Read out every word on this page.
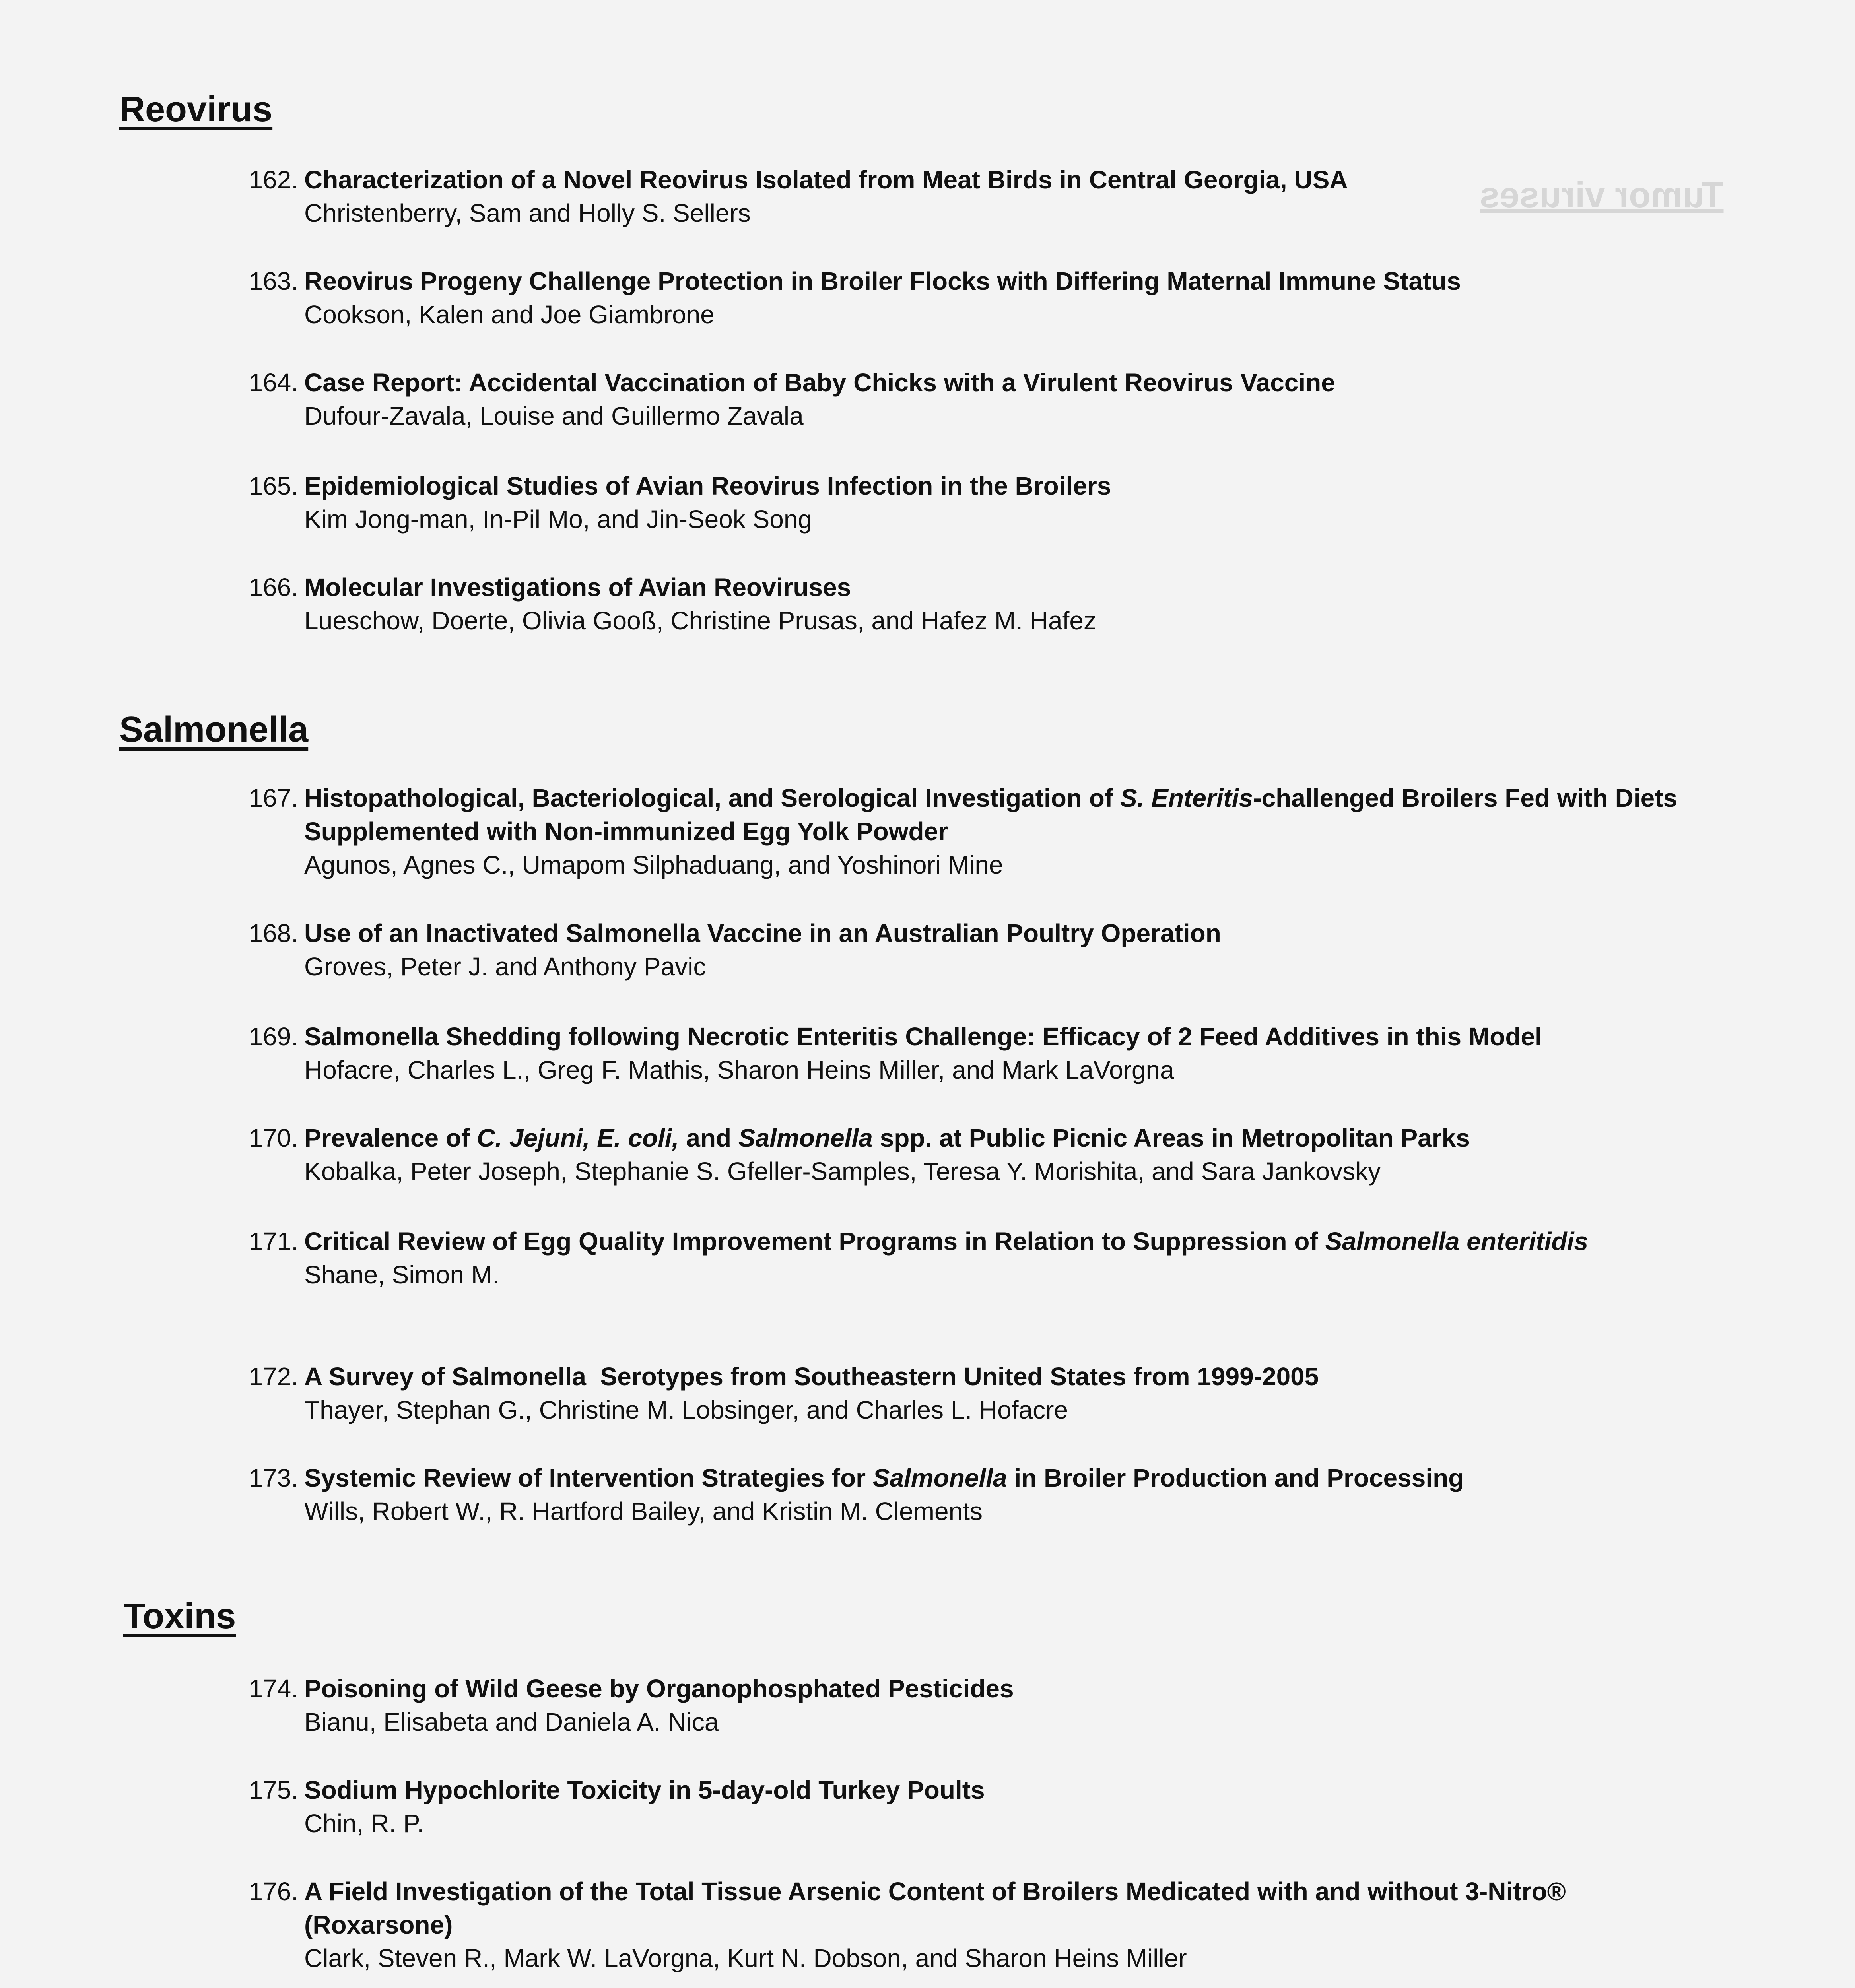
Tumor viruses
Reovirus
162. Characterization of a Novel Reovirus Isolated from Meat Birds in Central Georgia, USA
Christenberry, Sam and Holly S. Sellers
163. Reovirus Progeny Challenge Protection in Broiler Flocks with Differing Maternal Immune Status
Cookson, Kalen and Joe Giambrone
164. Case Report: Accidental Vaccination of Baby Chicks with a Virulent Reovirus Vaccine
Dufour-Zavala, Louise and Guillermo Zavala
165. Epidemiological Studies of Avian Reovirus Infection in the Broilers
Kim Jong-man, In-Pil Mo, and Jin-Seok Song
166. Molecular Investigations of Avian Reoviruses
Lueschow, Doerte, Olivia Gooß, Christine Prusas, and Hafez M. Hafez
Salmonella
167. Histopathological, Bacteriological, and Serological Investigation of S. Enteritis-challenged Broilers Fed with Diets Supplemented with Non-immunized Egg Yolk Powder
Agunos, Agnes C., Umapom Silphaduang, and Yoshinori Mine
168. Use of an Inactivated Salmonella Vaccine in an Australian Poultry Operation
Groves, Peter J. and Anthony Pavic
169. Salmonella Shedding following Necrotic Enteritis Challenge: Efficacy of 2 Feed Additives in this Model
Hofacre, Charles L., Greg F. Mathis, Sharon Heins Miller, and Mark LaVorgna
170. Prevalence of C. Jejuni, E. coli, and Salmonella spp. at Public Picnic Areas in Metropolitan Parks
Kobalka, Peter Joseph, Stephanie S. Gfeller-Samples, Teresa Y. Morishita, and Sara Jankovsky
171. Critical Review of Egg Quality Improvement Programs in Relation to Suppression of Salmonella enteritidis
Shane, Simon M.
172. A Survey of Salmonella  Serotypes from Southeastern United States from 1999-2005
Thayer, Stephan G., Christine M. Lobsinger, and Charles L. Hofacre
173. Systemic Review of Intervention Strategies for Salmonella in Broiler Production and Processing
Wills, Robert W., R. Hartford Bailey, and Kristin M. Clements
Toxins
174. Poisoning of Wild Geese by Organophosphated Pesticides
Bianu, Elisabeta and Daniela A. Nica
175. Sodium Hypochlorite Toxicity in 5-day-old Turkey Poults
Chin, R. P.
176. A Field Investigation of the Total Tissue Arsenic Content of Broilers Medicated with and without 3-Nitro® (Roxarsone)
Clark, Steven R., Mark W. LaVorgna, Kurt N. Dobson, and Sharon Heins Miller
